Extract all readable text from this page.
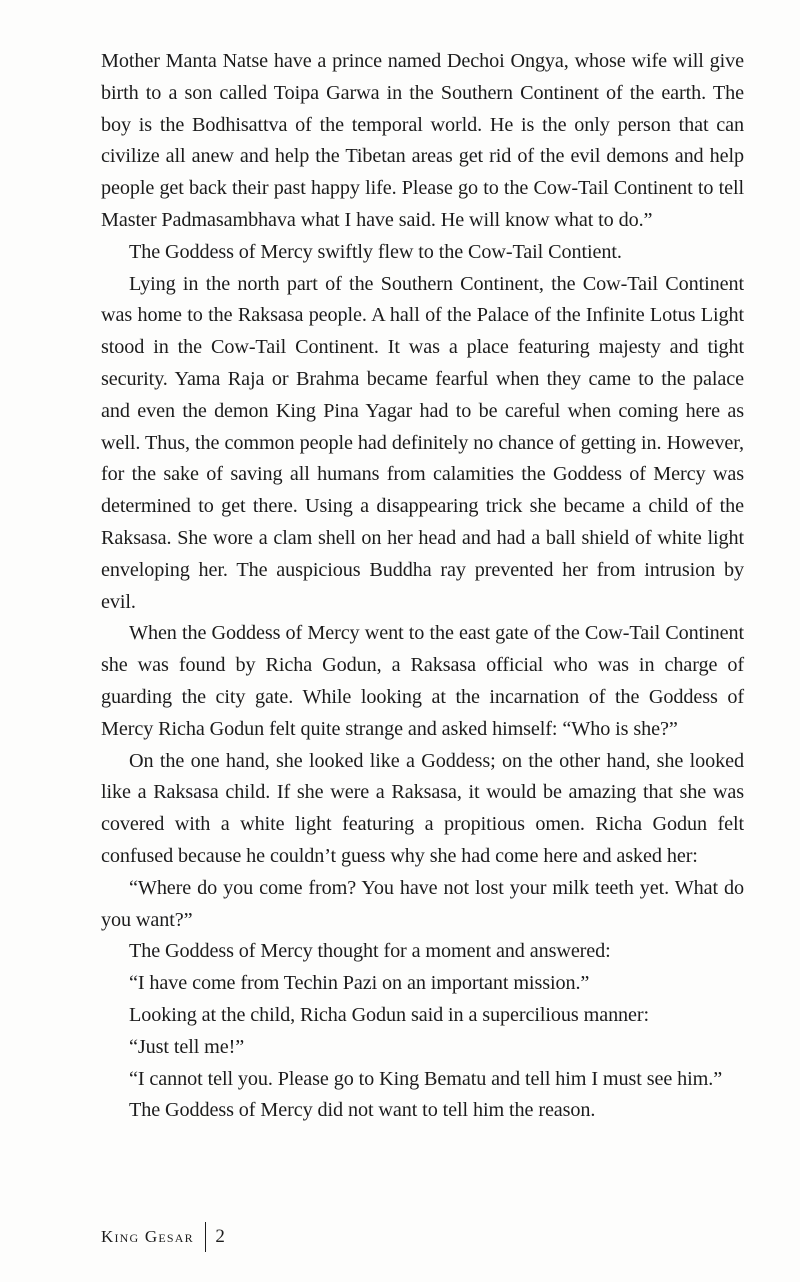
Mother Manta Natse have a prince named Dechoi Ongya, whose wife will give birth to a son called Toipa Garwa in the Southern Continent of the earth. The boy is the Bodhisattva of the temporal world. He is the only person that can civilize all anew and help the Tibetan areas get rid of the evil demons and help people get back their past happy life. Please go to the Cow-Tail Continent to tell Master Padmasambhava what I have said. He will know what to do.”

The Goddess of Mercy swiftly flew to the Cow-Tail Contient.

Lying in the north part of the Southern Continent, the Cow-Tail Continent was home to the Raksasa people. A hall of the Palace of the Infinite Lotus Light stood in the Cow-Tail Continent. It was a place featuring majesty and tight security. Yama Raja or Brahma became fearful when they came to the palace and even the demon King Pina Yagar had to be careful when coming here as well. Thus, the common people had definitely no chance of getting in. However, for the sake of saving all humans from calamities the Goddess of Mercy was determined to get there. Using a disappearing trick she became a child of the Raksasa. She wore a clam shell on her head and had a ball shield of white light enveloping her. The auspicious Buddha ray prevented her from intrusion by evil.

When the Goddess of Mercy went to the east gate of the Cow-Tail Continent she was found by Richa Godun, a Raksasa official who was in charge of guarding the city gate. While looking at the incarnation of the Goddess of Mercy Richa Godun felt quite strange and asked himself: “Who is she?”

On the one hand, she looked like a Goddess; on the other hand, she looked like a Raksasa child. If she were a Raksasa, it would be amazing that she was covered with a white light featuring a propitious omen. Richa Godun felt confused because he couldn’t guess why she had come here and asked her:

“Where do you come from? You have not lost your milk teeth yet. What do you want?”

The Goddess of Mercy thought for a moment and answered:

“I have come from Techin Pazi on an important mission.”

Looking at the child, Richa Godun said in a supercilious manner:

“Just tell me!”

“I cannot tell you. Please go to King Bematu and tell him I must see him.”

The Goddess of Mercy did not want to tell him the reason.

King Gesar 2
